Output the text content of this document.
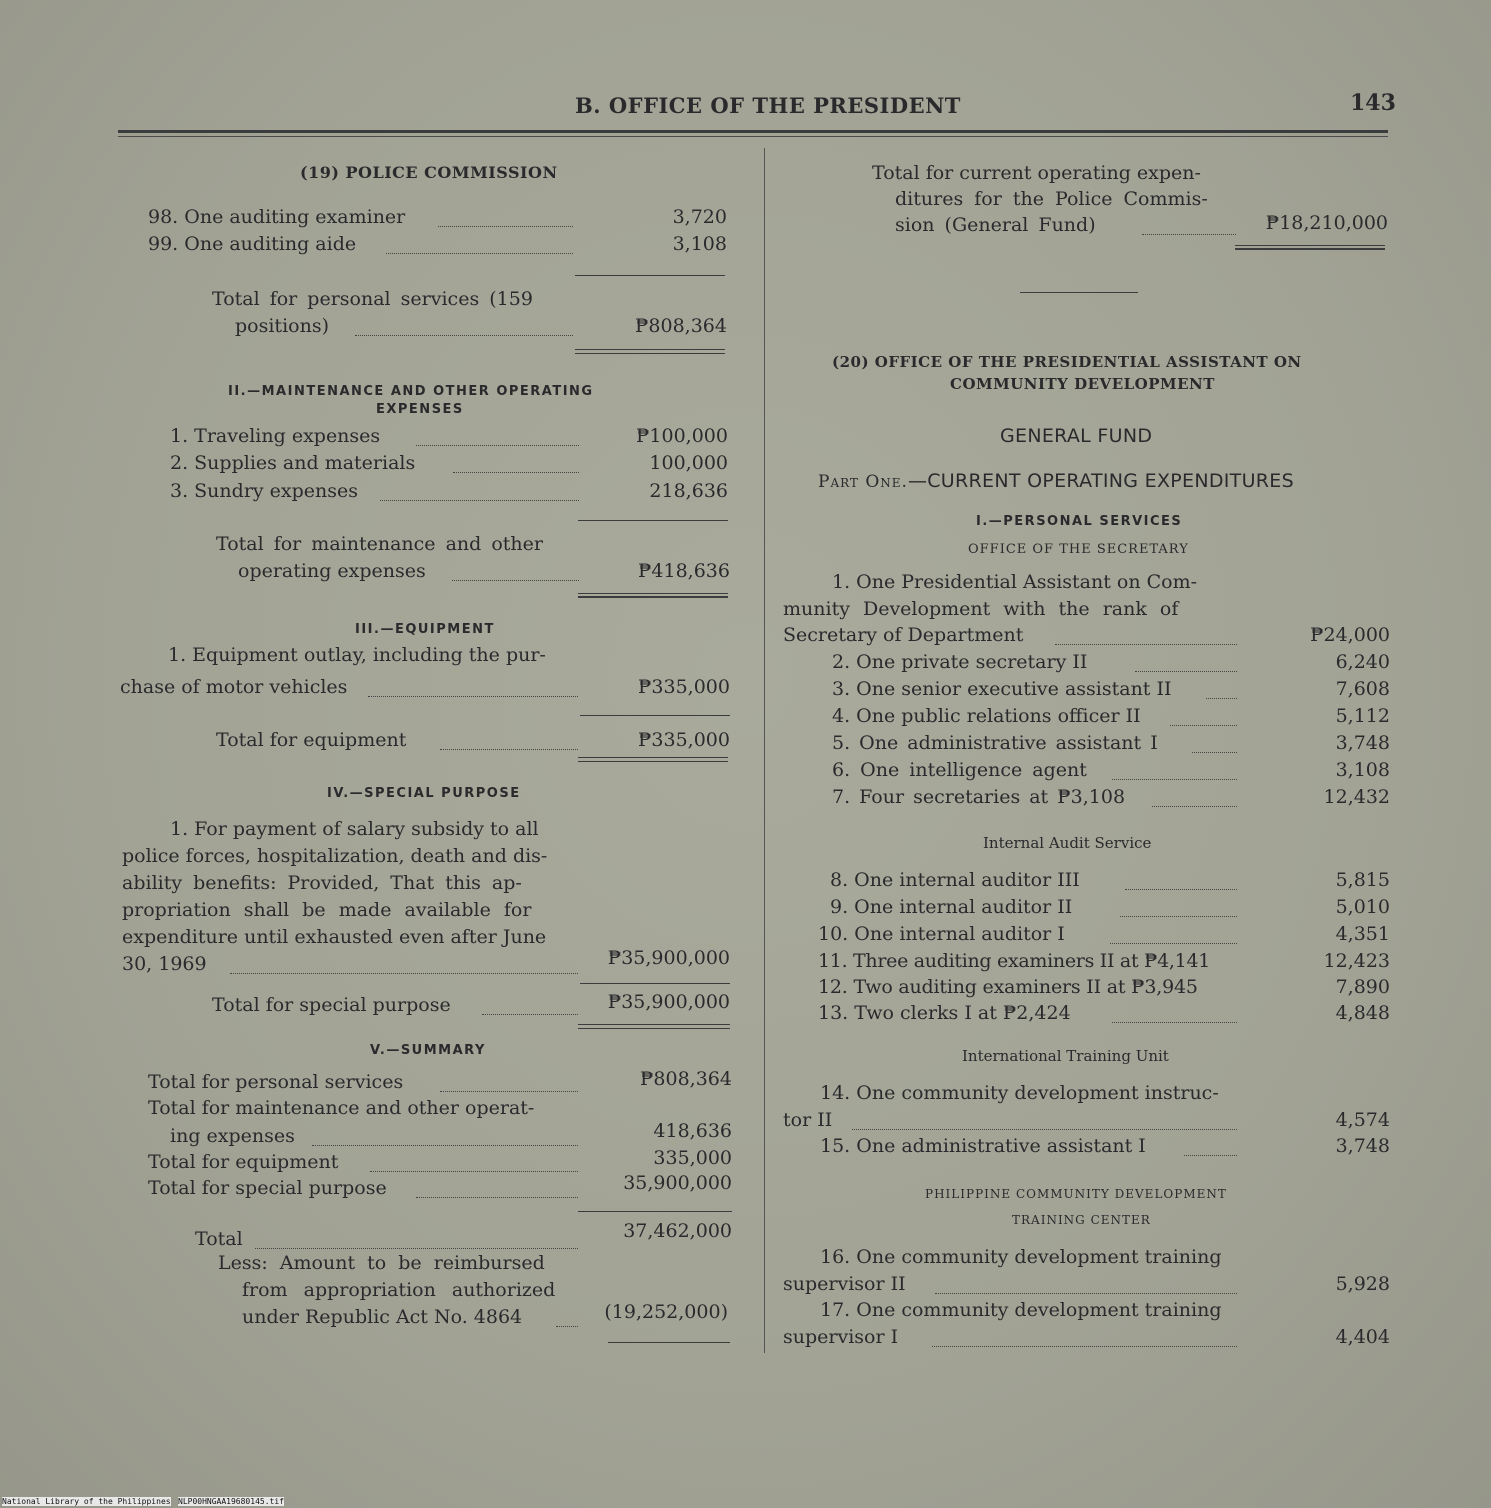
B. OFFICE OF THE PRESIDENT	143
(19) POLICE COMMISSION
98. One auditing examiner	3,720
99. One auditing aide	3,108
Total for personal services (159
positions)	₱808,364
II.—MAINTENANCE AND OTHER OPERATING
EXPENSES
1. Traveling expenses	₱100,000
2. Supplies and materials	100,000
3. Sundry expenses	218,636
Total for maintenance and other
operating expenses	₱418,636
III.—EQUIPMENT
1. Equipment outlay, including the pur-
chase of motor vehicles	₱335,000
Total for equipment	₱335,000
IV.—SPECIAL PURPOSE
1. For payment of salary subsidy to all
police forces, hospitalization, death and dis-
ability benefits: Provided, That this ap-
propriation shall be made available for
expenditure until exhausted even after June
30, 1969	₱35,900,000
Total for special purpose	₱35,900,000
V.—SUMMARY
Total for personal services	₱808,364
Total for maintenance and other operat-
ing expenses	418,636
Total for equipment	335,000
Total for special purpose	35,900,000
Total	37,462,000
Less: Amount to be reimbursed
from appropriation authorized
under Republic Act No. 4864	(19,252,000)
Total for current operating expen-
ditures for the Police Commis-
sion (General Fund)	₱18,210,000
(20) OFFICE OF THE PRESIDENTIAL ASSISTANT ON
COMMUNITY DEVELOPMENT
GENERAL FUND
Part One.—CURRENT OPERATING EXPENDITURES
I.—PERSONAL SERVICES
OFFICE OF THE SECRETARY
1. One Presidential Assistant on Com-
munity Development with the rank of
Secretary of Department	₱24,000
2. One private secretary II	6,240
3. One senior executive assistant II	7,608
4. One public relations officer II	5,112
5. One administrative assistant I	3,748
6. One intelligence agent	3,108
7. Four secretaries at ₱3,108	12,432
Internal Audit Service
8. One internal auditor III	5,815
9. One internal auditor II	5,010
10. One internal auditor I	4,351
11. Three auditing examiners II at ₱4,141	12,423
12. Two auditing examiners II at ₱3,945	7,890
13. Two clerks I at ₱2,424	4,848
International Training Unit
14. One community development instruc-
tor II	4,574
15. One administrative assistant I	3,748
PHILIPPINE COMMUNITY DEVELOPMENT
TRAINING CENTER
16. One community development training
supervisor II	5,928
17. One community development training
supervisor I	4,404
National Library of the Philippines NLP00HNGAA19680145.tif
